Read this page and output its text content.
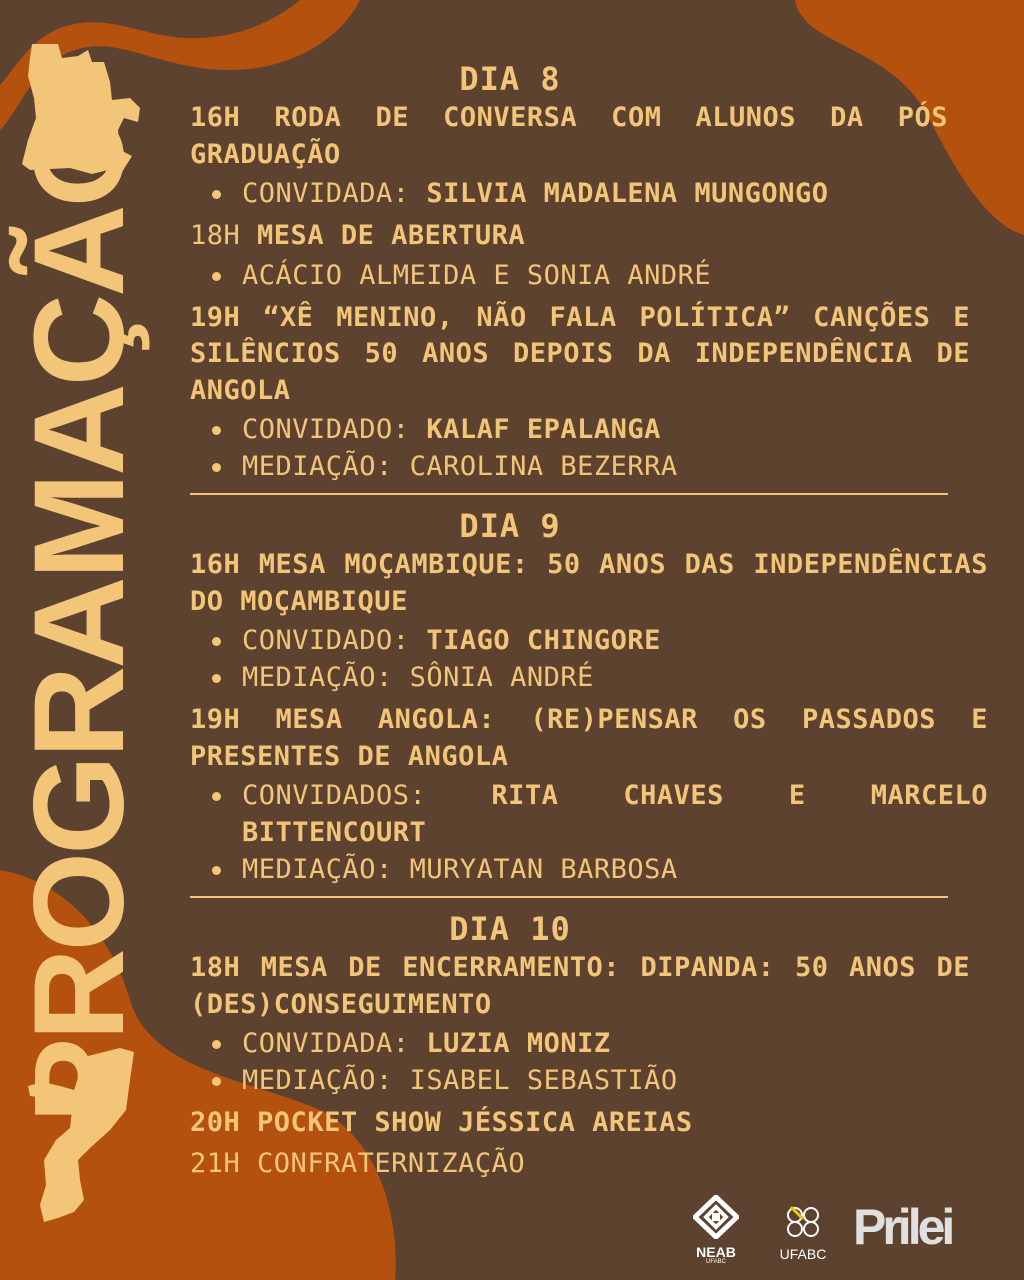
PROGRAMAÇÃO
DIA 8
16H RODA DE CONVERSA COM ALUNOS DA PÓS GRADUAÇÃO
CONVIDADA: SILVIA MADALENA MUNGONGO
18H MESA DE ABERTURA
ACÁCIO ALMEIDA E SONIA ANDRÉ
19H “XÊ MENINO, NÃO FALA POLÍTICA” CANÇÕES E SILÊNCIOS 50 ANOS DEPOIS DA INDEPENDÊNCIA DE ANGOLA
CONVIDADO: KALAF EPALANGA
MEDIAÇÃO: CAROLINA BEZERRA
DIA 9
16H MESA MOÇAMBIQUE: 50 ANOS DAS INDEPENDÊNCIAS DO MOÇAMBIQUE
CONVIDADO: TIAGO CHINGORE
MEDIAÇÃO: SÔNIA ANDRÉ
19H MESA ANGOLA: (RE)PENSAR OS PASSADOS E PRESENTES DE ANGOLA
CONVIDADOS: RITA CHAVES E MARCELO BITTENCOURT
MEDIAÇÃO: MURYATAN BARBOSA
DIA 10
18H MESA DE ENCERRAMENTO: DIPANDA: 50 ANOS DE (DES)CONSEGUIMENTO
CONVIDADA: LUZIA MONIZ
MEDIAÇÃO: ISABEL SEBASTIÃO
20H POCKET SHOW JÉSSICA AREIAS
21H CONFRATERNIZAÇÃO
NEAB
UFABC	UFABC Prilei
